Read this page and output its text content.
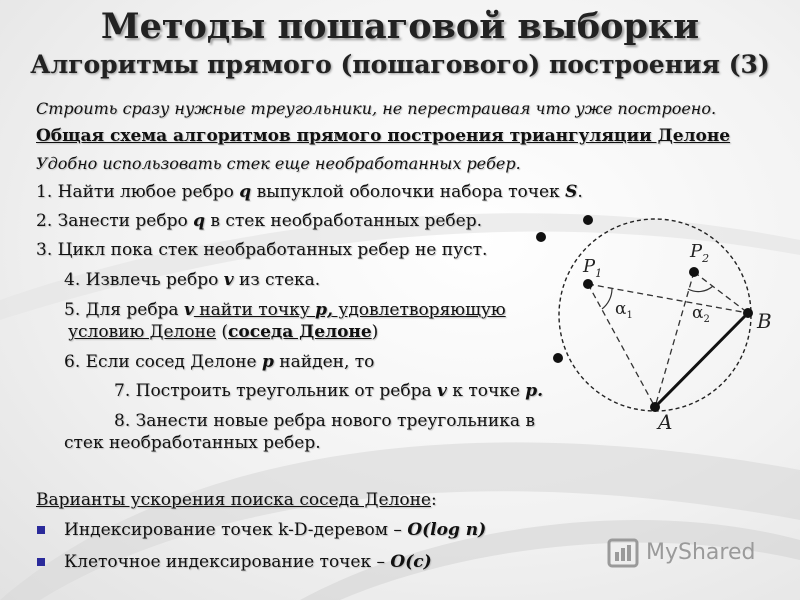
Методы пошаговой выборки
Алгоритмы прямого (пошагового) построения (3)
Строить сразу нужные треугольники, не перестраивая что уже построено.
Общая схема алгоритмов прямого построения триангуляции Делоне
Удобно использовать стек еще необработанных ребер.
1. Найти любое ребро q выпуклой оболочки набора точек S.
2. Занести ребро q в стек необработанных ребер.
3. Цикл пока стек необработанных ребер не пуст.
4. Извлечь ребро v из стека.
5. Для ребра v найти точку p, удовлетворяющую
условию Делоне (соседа Делоне)
6. Если сосед Делоне p найден, то
7. Построить треугольник от ребра v к точке p.
8. Занести новые ребра нового треугольника в
стек необработанных ребер.
Варианты ускорения поиска соседа Делоне:
Индексирование точек k-D-деревом – O(log n)
Клеточное индексирование точек – O(c)
$P_1$
$P_2$
$\alpha_1$	$\alpha_2$
A
B
MyShared
